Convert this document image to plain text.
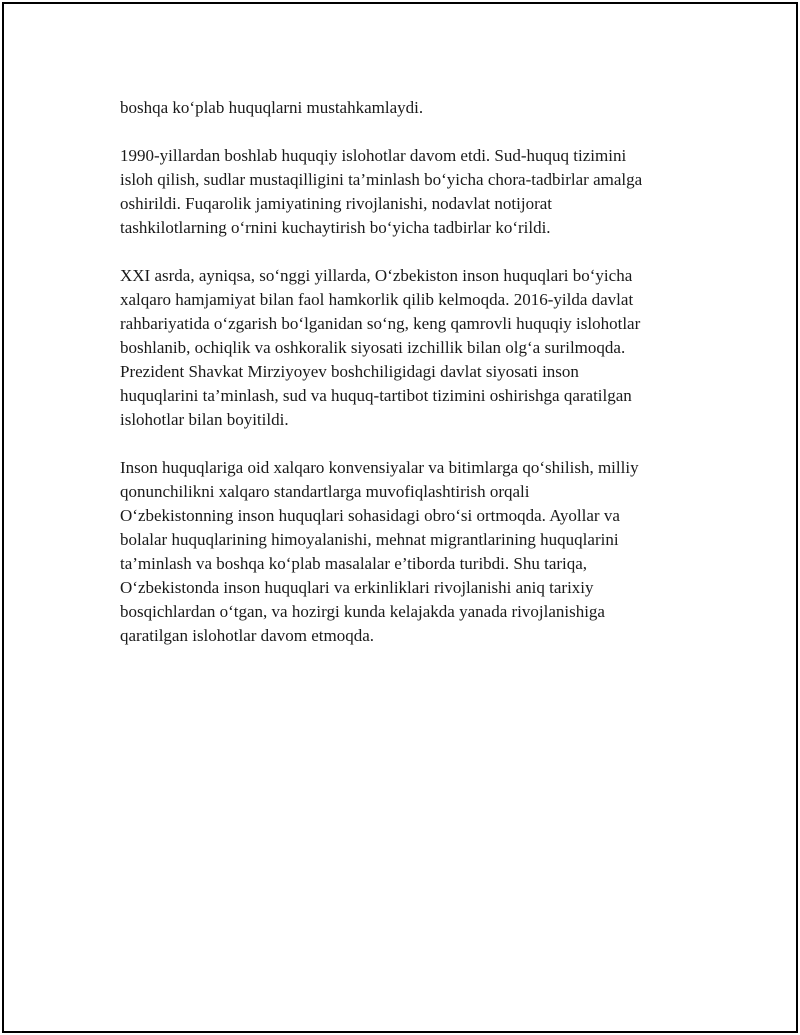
boshqa ko‘plab huquqlarni mustahkamlaydi.

1990-yillardan boshlab huquqiy islohotlar davom etdi. Sud-huquq tizimini
isloh qilish, sudlar mustaqilligini ta’minlash bo‘yicha chora-tadbirlar amalga
oshirildi. Fuqarolik jamiyatining rivojlanishi, nodavlat notijorat
tashkilotlarning o‘rnini kuchaytirish bo‘yicha tadbirlar ko‘rildi.

XXI asrda, ayniqsa, so‘nggi yillarda, O‘zbekiston inson huquqlari bo‘yicha
xalqaro hamjamiyat bilan faol hamkorlik qilib kelmoqda. 2016-yilda davlat
rahbariyatida o‘zgarish bo‘lganidan so‘ng, keng qamrovli huquqiy islohotlar
boshlanib, ochiqlik va oshkoralik siyosati izchillik bilan olg‘a surilmoqda.
Prezident Shavkat Mirziyoyev boshchiligidagi davlat siyosati inson
huquqlarini ta’minlash, sud va huquq-tartibot tizimini oshirishga qaratilgan
islohotlar bilan boyitildi.

Inson huquqlariga oid xalqaro konvensiyalar va bitimlarga qo‘shilish, milliy
qonunchilikni xalqaro standartlarga muvofiqlashtirish orqali
O‘zbekistonning inson huquqlari sohasidagi obro‘si ortmoqda. Ayollar va
bolalar huquqlarining himoyalanishi, mehnat migrantlarining huquqlarini
ta’minlash va boshqa ko‘plab masalalar e’tiborda turibdi. Shu tariqa,
O‘zbekistonda inson huquqlari va erkinliklari rivojlanishi aniq tarixiy
bosqichlardan o‘tgan, va hozirgi kunda kelajakda yanada rivojlanishiga
qaratilgan islohotlar davom etmoqda.
